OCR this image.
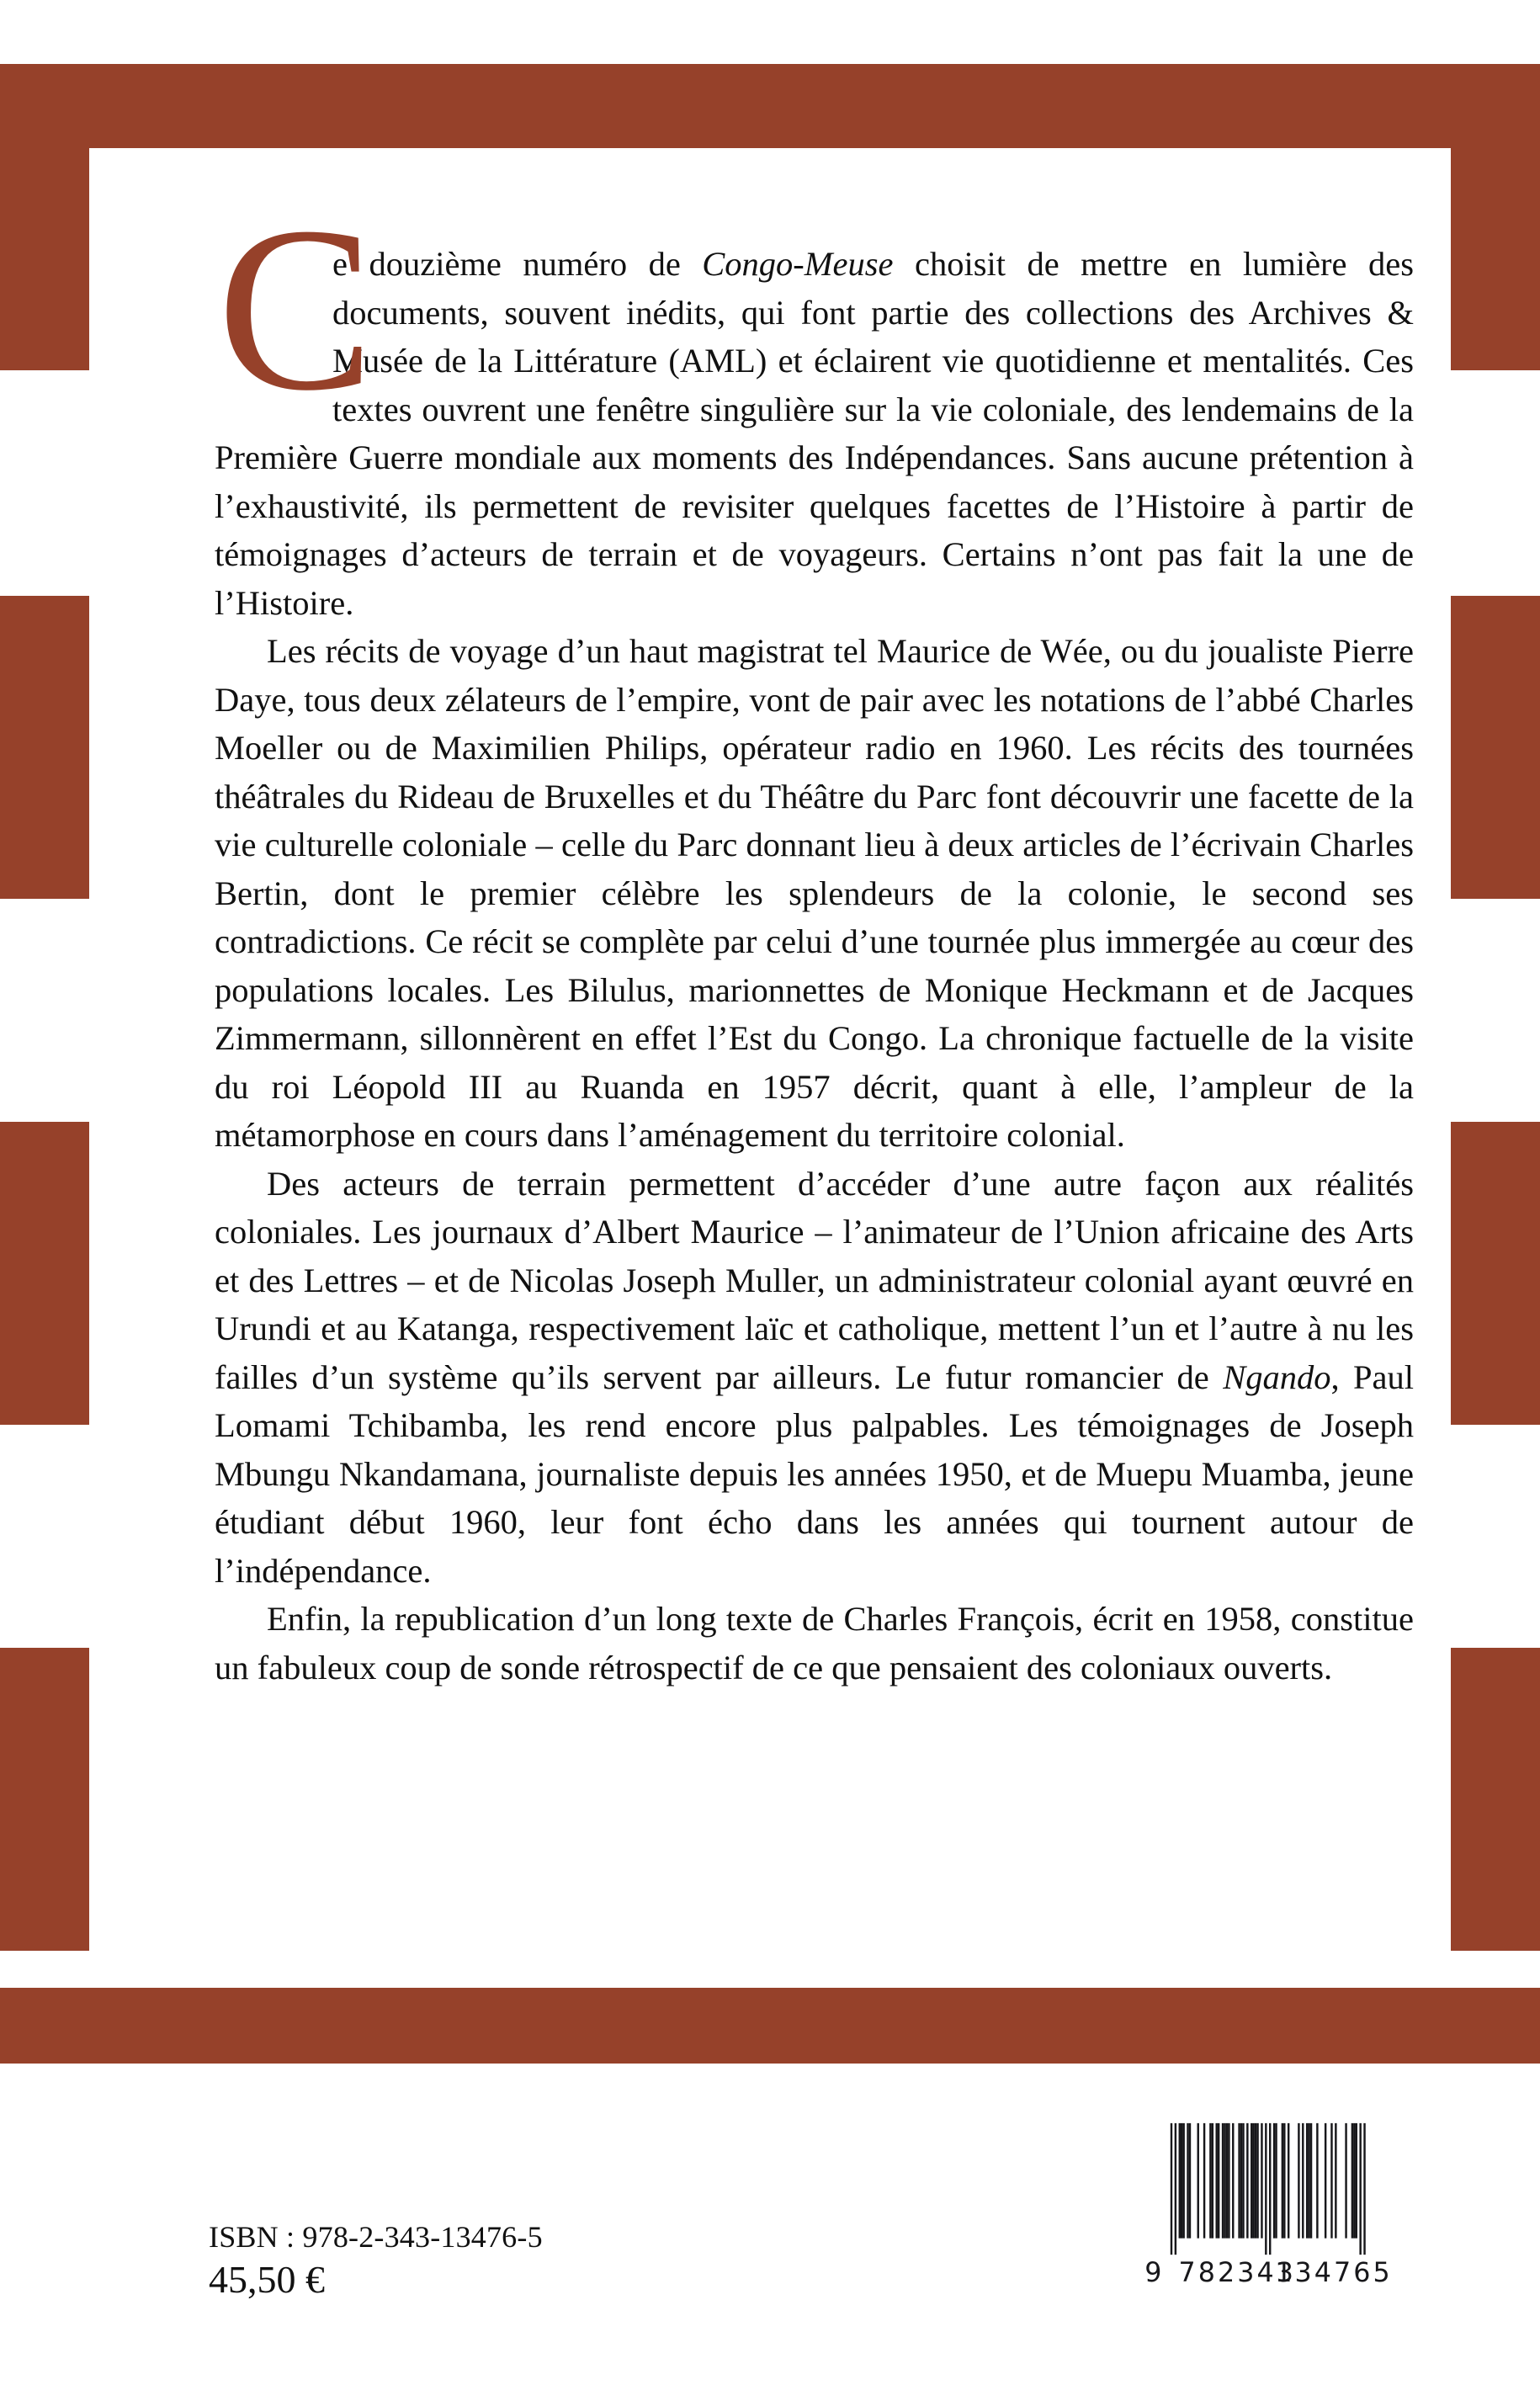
C

e douzième numéro de Congo-Meuse choisit de mettre en lumière des documents, souvent inédits, qui font partie des collections des Archives & Musée de la Littérature (AML) et éclairent vie quotidienne et mentalités. Ces textes ouvrent une fenêtre singulière sur la vie coloniale, des lendemains de la Première Guerre mondiale aux moments des Indépendances. Sans aucune prétention à l’exhaustivité, ils permettent de revisiter quelques facettes de l’Histoire à partir de témoignages d’acteurs de terrain et de voyageurs. Certains n’ont pas fait la une de l’Histoire.

Les récits de voyage d’un haut magistrat tel Maurice de Wée, ou du joualiste Pierre Daye, tous deux zélateurs de l’empire, vont de pair avec les notations de l’abbé Charles Moeller ou de Maximilien Philips, opérateur radio en 1960. Les récits des tournées théâtrales du Rideau de Bruxelles et du Théâtre du Parc font découvrir une facette de la vie culturelle coloniale – celle du Parc donnant lieu à deux articles de l’écrivain Charles Bertin, dont le premier célèbre les splendeurs de la colonie, le second ses contradictions. Ce récit se complète par celui d’une tournée plus immergée au cœur des populations locales. Les Bilulus, marionnettes de Monique Heckmann et de Jacques Zimmermann, sillonnèrent en effet l’Est du Congo. La chronique factuelle de la visite du roi Léopold III au Ruanda en 1957 décrit, quant à elle, l’ampleur de la métamorphose en cours dans l’aménagement du territoire colonial.

Des acteurs de terrain permettent d’accéder d’une autre façon aux réalités coloniales. Les journaux d’Albert Maurice – l’animateur de l’Union africaine des Arts et des Lettres – et de Nicolas Joseph Muller, un administrateur colonial ayant œuvré en Urundi et au Katanga, respectivement laïc et catholique, mettent l’un et l’autre à nu les failles d’un système qu’ils servent par ailleurs. Le futur romancier de Ngando, Paul Lomami Tchibamba, les rend encore plus palpables. Les témoignages de Joseph Mbungu Nkandamana, journaliste depuis les années 1950, et de Muepu Muamba, jeune étudiant début 1960, leur font écho dans les années qui tournent autour de l’indépendance.

Enfin, la republication d’un long texte de Charles François, écrit en 1958, constitue un fabuleux coup de sonde rétrospectif de ce que pensaient des coloniaux ouverts.

ISBN : 978-2-343-13476-5
45,50 €	9 782343
134765
